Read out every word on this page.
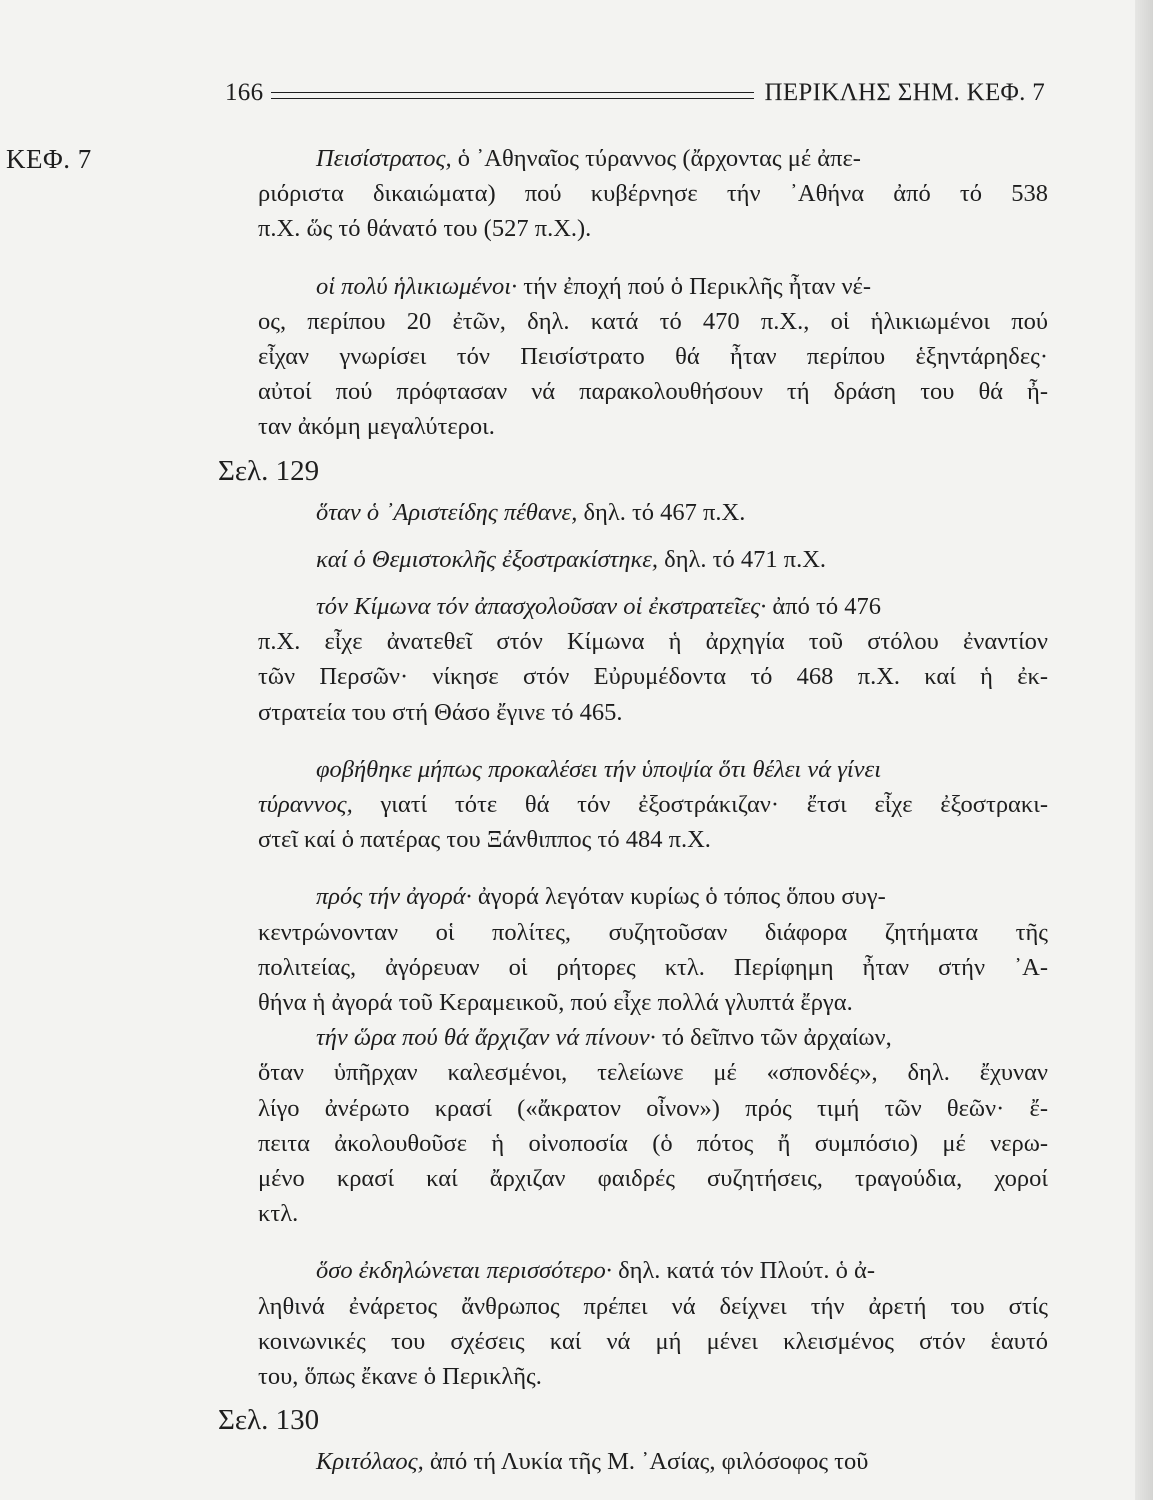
166	ΠΕΡΙΚΛΗΣ ΣΗΜ. ΚΕΦ. 7
ΚΕΦ. 7	Πεισίστρατος, ὁ ᾿Αθηναῖος τύραννος (ἄρχοντας μέ ἀπε-
ριόριστα δικαιώματα) πού κυβέρνησε τήν ᾿Αθήνα ἀπό τό 538
π.Χ. ὥς τό θάνατό του (527 π.Χ.).

οἱ πολύ ἡλικιωμένοι· τήν ἐποχή πού ὁ Περικλῆς ἦταν νέ-
ος, περίπου 20 ἐτῶν, δηλ. κατά τό 470 π.Χ., οἱ ἡλικιωμένοι πού
εἶχαν γνωρίσει τόν Πεισίστρατο θά ἦταν περίπου ἑξηντάρηδες·
αὐτοί πού πρόφτασαν νά παρακολουθήσουν τή δράση του θά ἦ-
ταν ἀκόμη μεγαλύτεροι.

Σελ. 129

ὅταν ὁ ᾿Αριστείδης πέθανε, δηλ. τό 467 π.Χ.

καί ὁ Θεμιστοκλῆς ἐξοστρακίστηκε, δηλ. τό 471 π.Χ.

τόν Κίμωνα τόν ἀπασχολοῦσαν οἱ ἐκστρατεῖες· ἀπό τό 476
π.Χ. εἶχε ἀνατεθεῖ στόν Κίμωνα ἡ ἀρχηγία τοῦ στόλου ἐναντίον
τῶν Περσῶν· νίκησε στόν Εὐρυμέδοντα τό 468 π.Χ. καί ἡ ἐκ-
στρατεία του στή Θάσο ἔγινε τό 465.

φοβήθηκε μήπως προκαλέσει τήν ὑποψία ὅτι θέλει νά γίνει
τύραννος, γιατί τότε θά τόν ἐξοστράκιζαν· ἔτσι εἶχε ἐξοστρακι-
στεῖ καί ὁ πατέρας του Ξάνθιππος τό 484 π.Χ.

πρός τήν ἀγορά· ἀγορά λεγόταν κυρίως ὁ τόπος ὅπου συγ-
κεντρώνονταν οἱ πολίτες, συζητοῦσαν διάφορα ζητήματα τῆς
πολιτείας, ἀγόρευαν οἱ ρήτορες κτλ. Περίφημη ἦταν στήν ᾿Α-
θήνα ἡ ἀγορά τοῦ Κεραμεικοῦ, πού εἶχε πολλά γλυπτά ἔργα.

τήν ὥρα πού θά ἄρχιζαν νά πίνουν· τό δεῖπνο τῶν ἀρχαίων,
ὅταν ὑπῆρχαν καλεσμένοι, τελείωνε μέ «σπονδές», δηλ. ἔχυναν
λίγο ἀνέρωτο κρασί («ἄκρατον οἶνον») πρός τιμή τῶν θεῶν· ἔ-
πειτα ἀκολουθοῦσε ἡ οἰνοποσία (ὁ πότος ἤ συμπόσιο) μέ νερω-
μένο κρασί καί ἄρχιζαν φαιδρές συζητήσεις, τραγούδια, χοροί
κτλ.

ὅσο ἐκδηλώνεται περισσότερο· δηλ. κατά τόν Πλούτ. ὁ ἀ-
ληθινά ἐνάρετος ἄνθρωπος πρέπει νά δείχνει τήν ἀρετή του στίς
κοινωνικές του σχέσεις καί νά μή μένει κλεισμένος στόν ἑαυτό
του, ὅπως ἔκανε ὁ Περικλῆς.

Σελ. 130

Κριτόλαος, ἀπό τή Λυκία τῆς Μ. ᾿Ασίας, φιλόσοφος τοῦ
